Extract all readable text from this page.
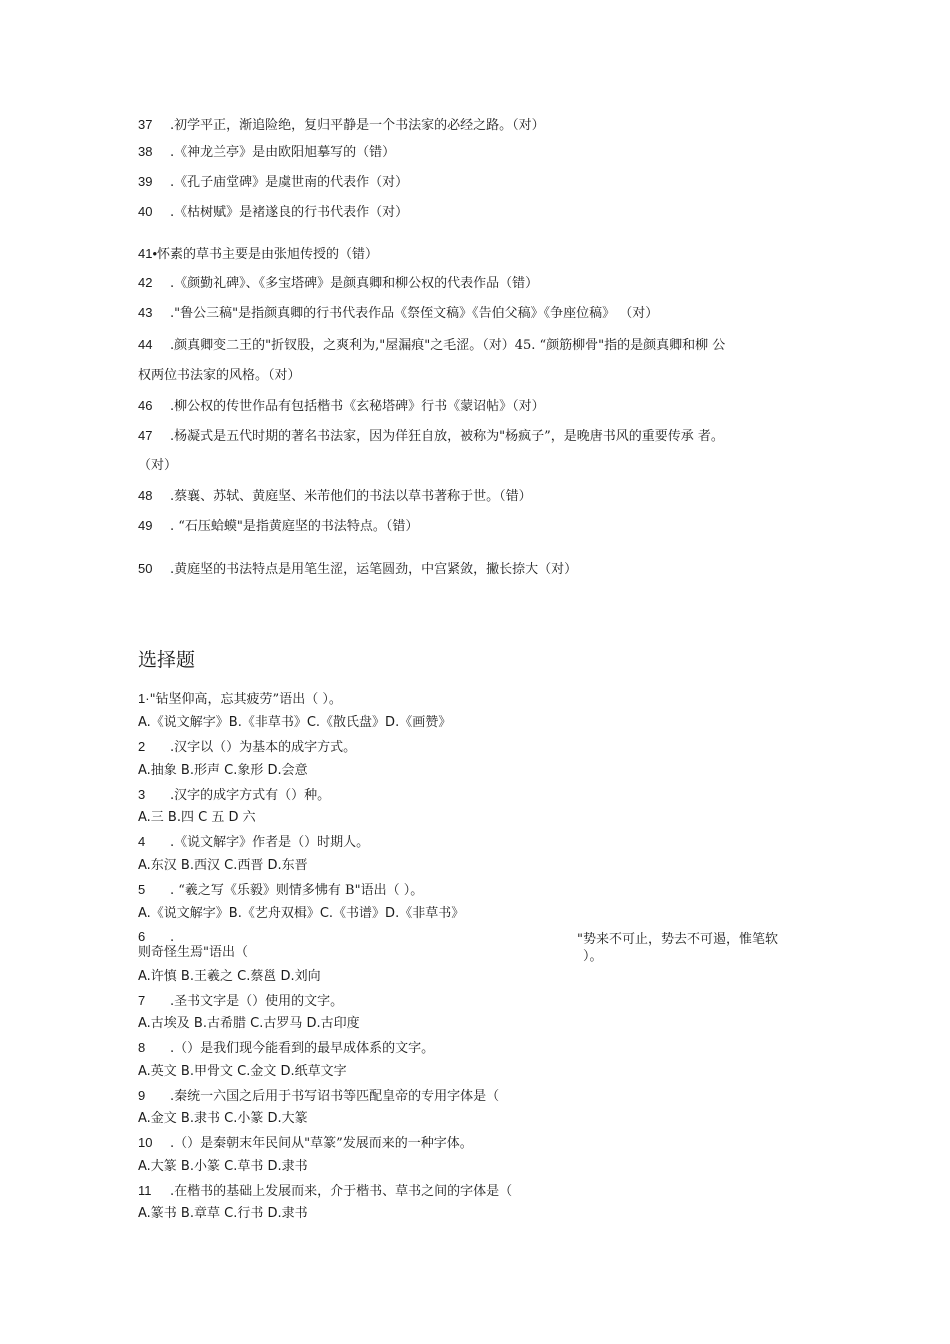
37 .初学平正，渐追险绝，复归平静是一个书法家的必经之路。（对）
38 .《神龙兰亭》是由欧阳旭摹写的（错）
39 .《孔子庙堂碑》是虞世南的代表作（对）
40 .《枯树赋》是褚遂良的行书代表作（对）
41•怀素的草书主要是由张旭传授的（错）
42 .《颜勤礼碑》、《多宝塔碑》是颜真卿和柳公权的代表作品（错）
43 ."鲁公三稿"是指颜真卿的行书代表作品《祭侄文稿》《告伯父稿》《争座位稿》 （对）
44 .颜真卿变二王的"折钗股，之爽利为,"屋漏痕"之毛涩。（对）45. “颜筋柳骨"指的是颜真卿和柳 公
权两位书法家的风格。（对）
46 .柳公权的传世作品有包括楷书《玄秘塔碑》行书《蒙诏帖》（对）
47 .杨凝式是五代时期的著名书法家，因为佯狂自放，被称为"杨疯子”，是晚唐书风的重要传承 者。
（对）
48 .蔡襄、苏轼、黄庭坚、米芾他们的书法以草书著称于世。（错）
49 . “石压蛤蟆"是指黄庭坚的书法特点。（错）
50 .黄庭坚的书法特点是用笔生涩，运笔圆劲，中宫紧敛，撇长捺大（对）
选择题
1·"钻坚仰高，忘其疲劳”语出（ ）。
A.《说文解字》B.《非草书》C.《散氏盘》D.《画赞》
2 .汉字以（）为基本的成字方式。
A.抽象 B.形声 C.象形 D.会意
3 .汉字的成字方式有（）种。
A.三 B.四 C 五 D 六
4 .《说文解字》作者是（）时期人。
A.东汉 B.西汉 C.西晋 D.东晋
5 . “羲之写《乐毅》则情多怫有 B"语出（ ）。
A.《说文解字》B.《艺舟双楫》C.《书谱》D.《非草书》
6 .	"势来不可止，势去不可遏，惟笔软
则奇怪生焉"语出（	）。
A.许慎 B.王羲之 C.蔡邕 D.刘向
7 .圣书文字是（）使用的文字。
A.古埃及 B.古希腊 C.古罗马 D.古印度
8 .（）是我们现今能看到的最早成体系的文字。
A.英文 B.甲骨文 C.金文 D.纸草文字
9 .秦统一六国之后用于书写诏书等匹配皇帝的专用字体是（
A.金文 B.隶书 C.小篆 D.大篆
10 .（）是秦朝末年民间从"草篆”发展而来的一种字体。
A.大篆 B.小篆 C.草书 D.隶书
11 .在楷书的基础上发展而来，介于楷书、草书之间的字体是（
A.篆书 B.章草 C.行书 D.隶书
